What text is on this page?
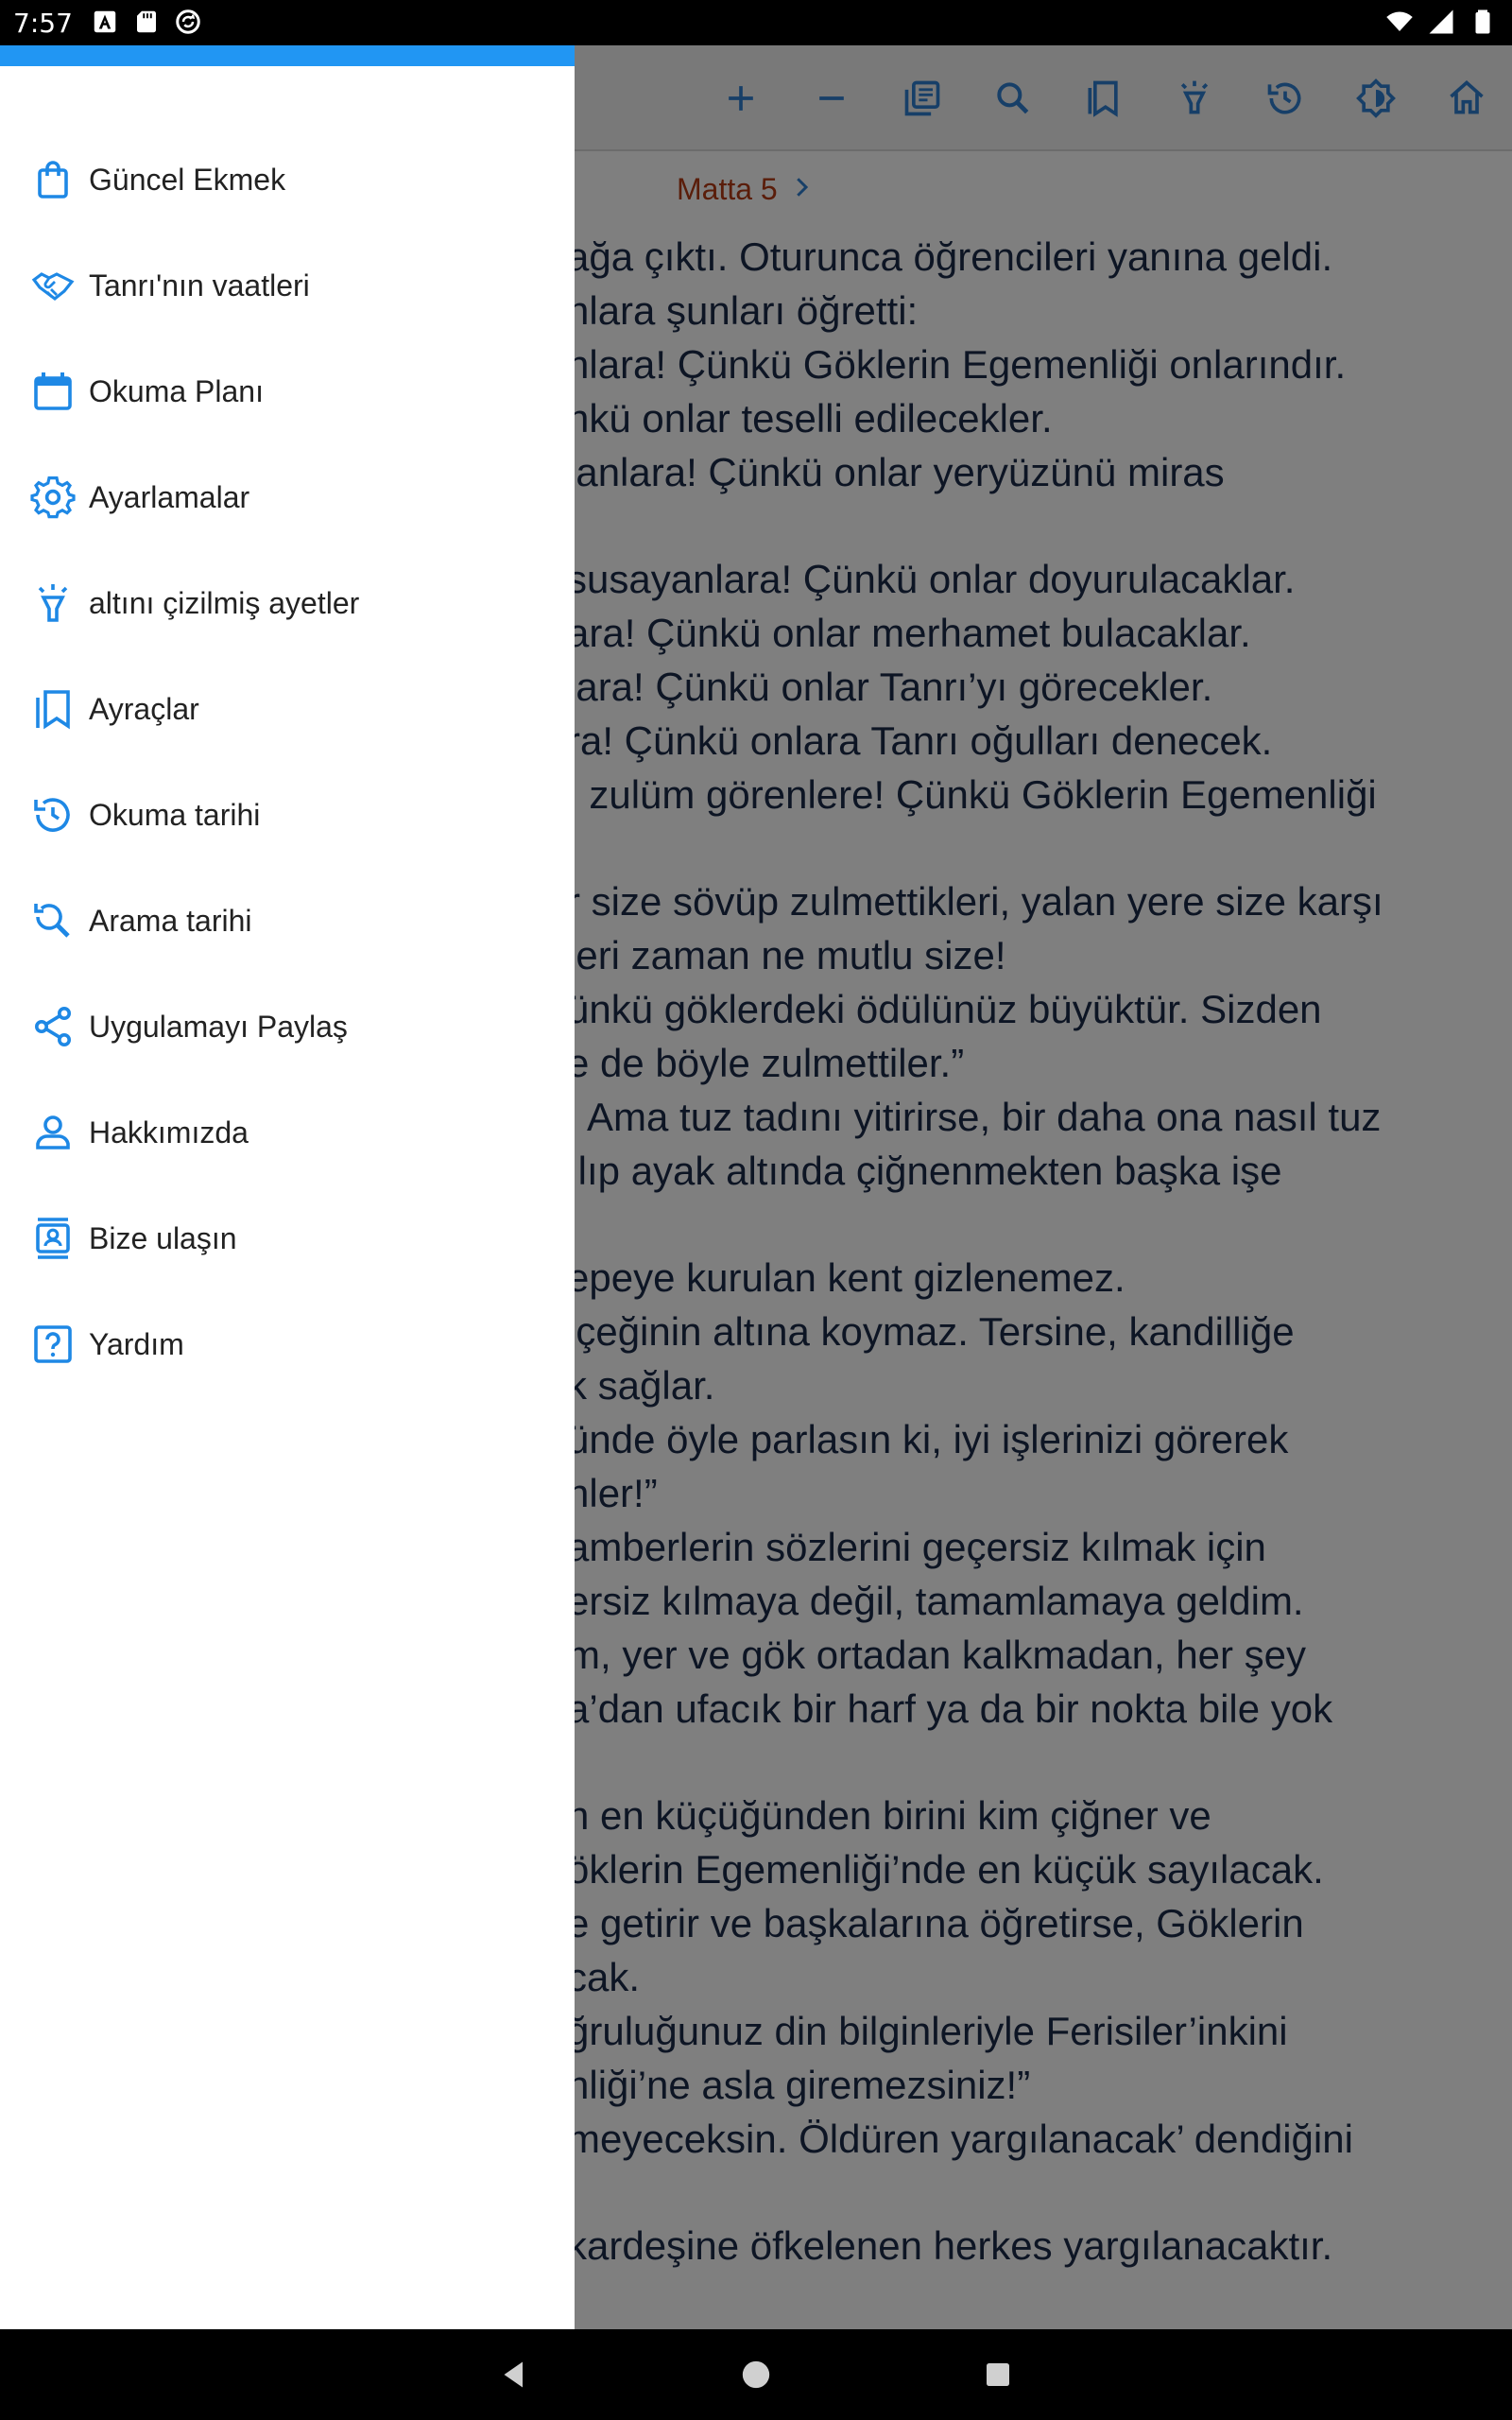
7:57
Güncel Ekmek
Tanrı'nın vaatleri
Okuma Planı
Ayarlamalar
altını çizilmiş ayetler
Ayraçlar
Okuma tarihi
Arama tarihi
Uygulamayı Paylaş
Hakkımızda
Bize ulaşın
Yardım
